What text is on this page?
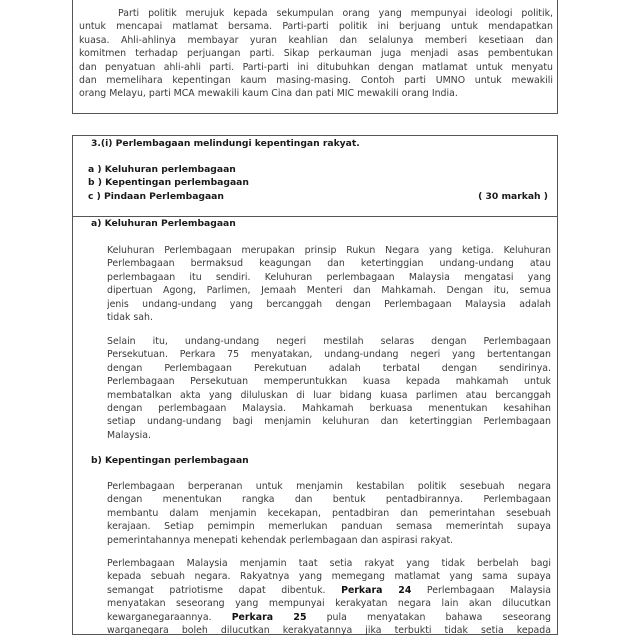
Parti politik merujuk kepada sekumpulan orang yang mempunyai ideologi politik,
untuk mencapai matlamat bersama. Parti-parti politik ini berjuang untuk mendapatkan
kuasa. Ahli-ahlinya membayar yuran keahlian dan selalunya memberi kesetiaan dan
komitmen terhadap perjuangan parti. Sikap perkauman juga menjadi asas pembentukan
dan penyatuan ahli-ahli parti. Parti-parti ini ditubuhkan dengan matlamat untuk menyatu
dan memelihara kepentingan kaum masing-masing. Contoh parti UMNO untuk mewakili
orang Melayu, parti MCA mewakili kaum Cina dan pati MIC mewakili orang India.
3.(i) Perlembagaan melindungi kepentingan rakyat.
a ) Keluhuran perlembagaan
b ) Kepentingan perlembagaan
c ) Pindaan Perlembagaan	( 30 markah )
a) Keluhuran Perlembagaan
Keluhuran Perlembagaan merupakan prinsip Rukun Negara yang ketiga. Keluhuran
Perlembagaan bermaksud keagungan dan ketertinggian undang-undang atau
perlembagaan itu sendiri. Keluhuran perlembagaan Malaysia mengatasi yang
dipertuan Agong, Parlimen, Jemaah Menteri dan Mahkamah. Dengan itu, semua
jenis undang-undang yang bercanggah dengan Perlembagaan Malaysia adalah
tidak sah.
Selain itu, undang-undang negeri mestilah selaras dengan Perlembagaan
Persekutuan. Perkara 75 menyatakan, undang-undang negeri yang bertentangan
dengan Perlembagaan Perekutuan adalah terbatal dengan sendirinya.
Perlembagaan Persekutuan memperuntukkan kuasa kepada mahkamah untuk
membatalkan akta yang diluluskan di luar bidang kuasa parlimen atau bercanggah
dengan perlembagaan Malaysia. Mahkamah berkuasa menentukan kesahihan
setiap undang-undang bagi menjamin keluhuran dan ketertinggian Perlembagaan
Malaysia.
b) Kepentingan perlembagaan
Perlembagaan berperanan untuk menjamin kestabilan politik sesebuah negara
dengan menentukan rangka dan bentuk pentadbirannya. Perlembagaan
membantu dalam menjamin kecekapan, pentadbiran dan pemerintahan sesebuah
kerajaan. Setiap pemimpin memerlukan panduan semasa memerintah supaya
pemerintahannya menepati kehendak perlembagaan dan aspirasi rakyat.
Perlembagaan Malaysia menjamin taat setia rakyat yang tidak berbelah bagi
kepada sebuah negara. Rakyatnya yang memegang matlamat yang sama supaya
semangat patriotisme dapat dibentuk. Perkara 24 Perlembagaan Malaysia
menyatakan seseorang yang mempunyai kerakyatan negara lain akan dilucutkan
kewarganegaraannya. Perkara 25 pula menyatakan bahawa seseorang
warganegara boleh dilucutkan kerakyatannya jika terbukti tidak setia kepada
